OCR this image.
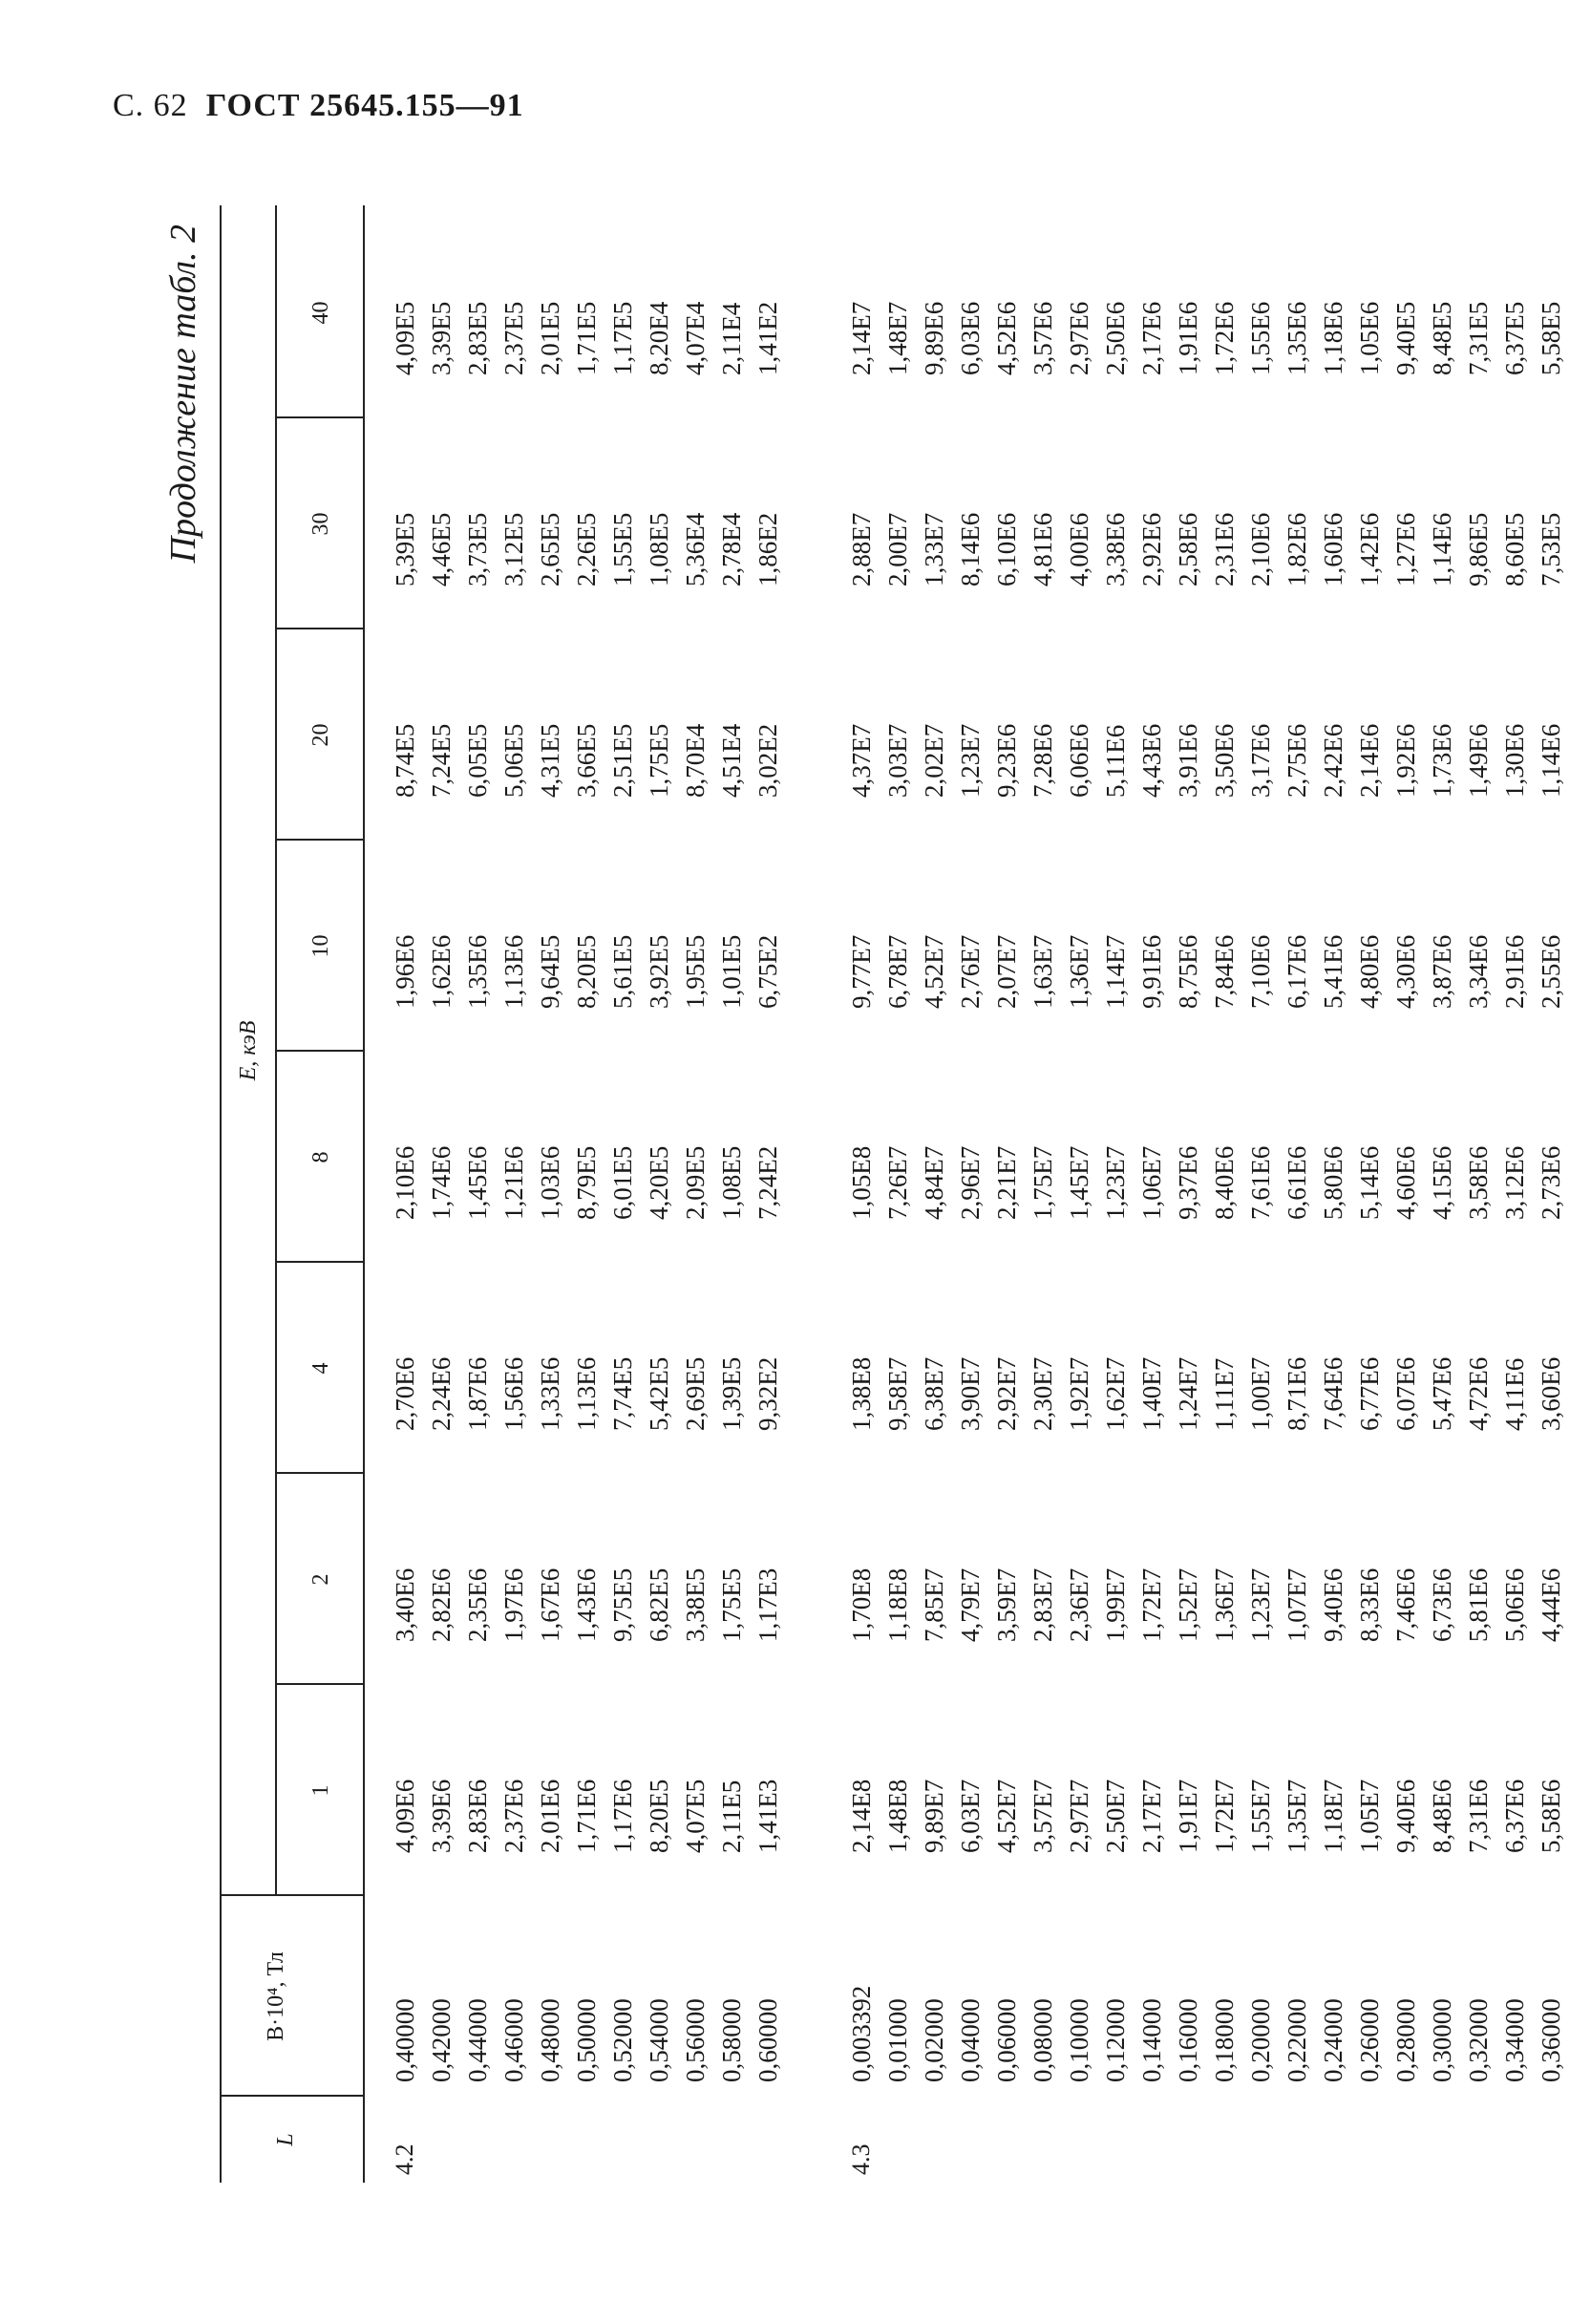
С. 62 ГОСТ 25645.155—91
Продолжение табл. 2
L
B·10⁴, Тл
E, кэВ
1
2
4
8
10
20
30
40
4.2
0,40000
4,09E6
3,40E6
2,70E6
2,10E6
1,96E6
8,74E5
5,39E5
4,09E5
0,42000
3,39E6
2,82E6
2,24E6
1,74E6
1,62E6
7,24E5
4,46E5
3,39E5
0,44000
2,83E6
2,35E6
1,87E6
1,45E6
1,35E6
6,05E5
3,73E5
2,83E5
0,46000
2,37E6
1,97E6
1,56E6
1,21E6
1,13E6
5,06E5
3,12E5
2,37E5
0,48000
2,01E6
1,67E6
1,33E6
1,03E6
9,64E5
4,31E5
2,65E5
2,01E5
0,50000
1,71E6
1,43E6
1,13E6
8,79E5
8,20E5
3,66E5
2,26E5
1,71E5
0,52000
1,17E6
9,75E5
7,74E5
6,01E5
5,61E5
2,51E5
1,55E5
1,17E5
0,54000
8,20E5
6,82E5
5,42E5
4,20E5
3,92E5
1,75E5
1,08E5
8,20E4
0,56000
4,07E5
3,38E5
2,69E5
2,09E5
1,95E5
8,70E4
5,36E4
4,07E4
0,58000
2,11E5
1,75E5
1,39E5
1,08E5
1,01E5
4,51E4
2,78E4
2,11E4
0,60000
1,41E3
1,17E3
9,32E2
7,24E2
6,75E2
3,02E2
1,86E2
1,41E2
4.3
0,003392
2,14E8
1,70E8
1,38E8
1,05E8
9,77E7
4,37E7
2,88E7
2,14E7
0,01000
1,48E8
1,18E8
9,58E7
7,26E7
6,78E7
3,03E7
2,00E7
1,48E7
0,02000
9,89E7
7,85E7
6,38E7
4,84E7
4,52E7
2,02E7
1,33E7
9,89E6
0,04000
6,03E7
4,79E7
3,90E7
2,96E7
2,76E7
1,23E7
8,14E6
6,03E6
0,06000
4,52E7
3,59E7
2,92E7
2,21E7
2,07E7
9,23E6
6,10E6
4,52E6
0,08000
3,57E7
2,83E7
2,30E7
1,75E7
1,63E7
7,28E6
4,81E6
3,57E6
0,10000
2,97E7
2,36E7
1,92E7
1,45E7
1,36E7
6,06E6
4,00E6
2,97E6
0,12000
2,50E7
1,99E7
1,62E7
1,23E7
1,14E7
5,11E6
3,38E6
2,50E6
0,14000
2,17E7
1,72E7
1,40E7
1,06E7
9,91E6
4,43E6
2,92E6
2,17E6
0,16000
1,91E7
1,52E7
1,24E7
9,37E6
8,75E6
3,91E6
2,58E6
1,91E6
0,18000
1,72E7
1,36E7
1,11E7
8,40E6
7,84E6
3,50E6
2,31E6
1,72E6
0,20000
1,55E7
1,23E7
1,00E7
7,61E6
7,10E6
3,17E6
2,10E6
1,55E6
0,22000
1,35E7
1,07E7
8,71E6
6,61E6
6,17E6
2,75E6
1,82E6
1,35E6
0,24000
1,18E7
9,40E6
7,64E6
5,80E6
5,41E6
2,42E6
1,60E6
1,18E6
0,26000
1,05E7
8,33E6
6,77E6
5,14E6
4,80E6
2,14E6
1,42E6
1,05E6
0,28000
9,40E6
7,46E6
6,07E6
4,60E6
4,30E6
1,92E6
1,27E6
9,40E5
0,30000
8,48E6
6,73E6
5,47E6
4,15E6
3,87E6
1,73E6
1,14E6
8,48E5
0,32000
7,31E6
5,81E6
4,72E6
3,58E6
3,34E6
1,49E6
9,86E5
7,31E5
0,34000
6,37E6
5,06E6
4,11E6
3,12E6
2,91E6
1,30E6
8,60E5
6,37E5
0,36000
5,58E6
4,44E6
3,60E6
2,73E6
2,55E6
1,14E6
7,53E5
5,58E5
